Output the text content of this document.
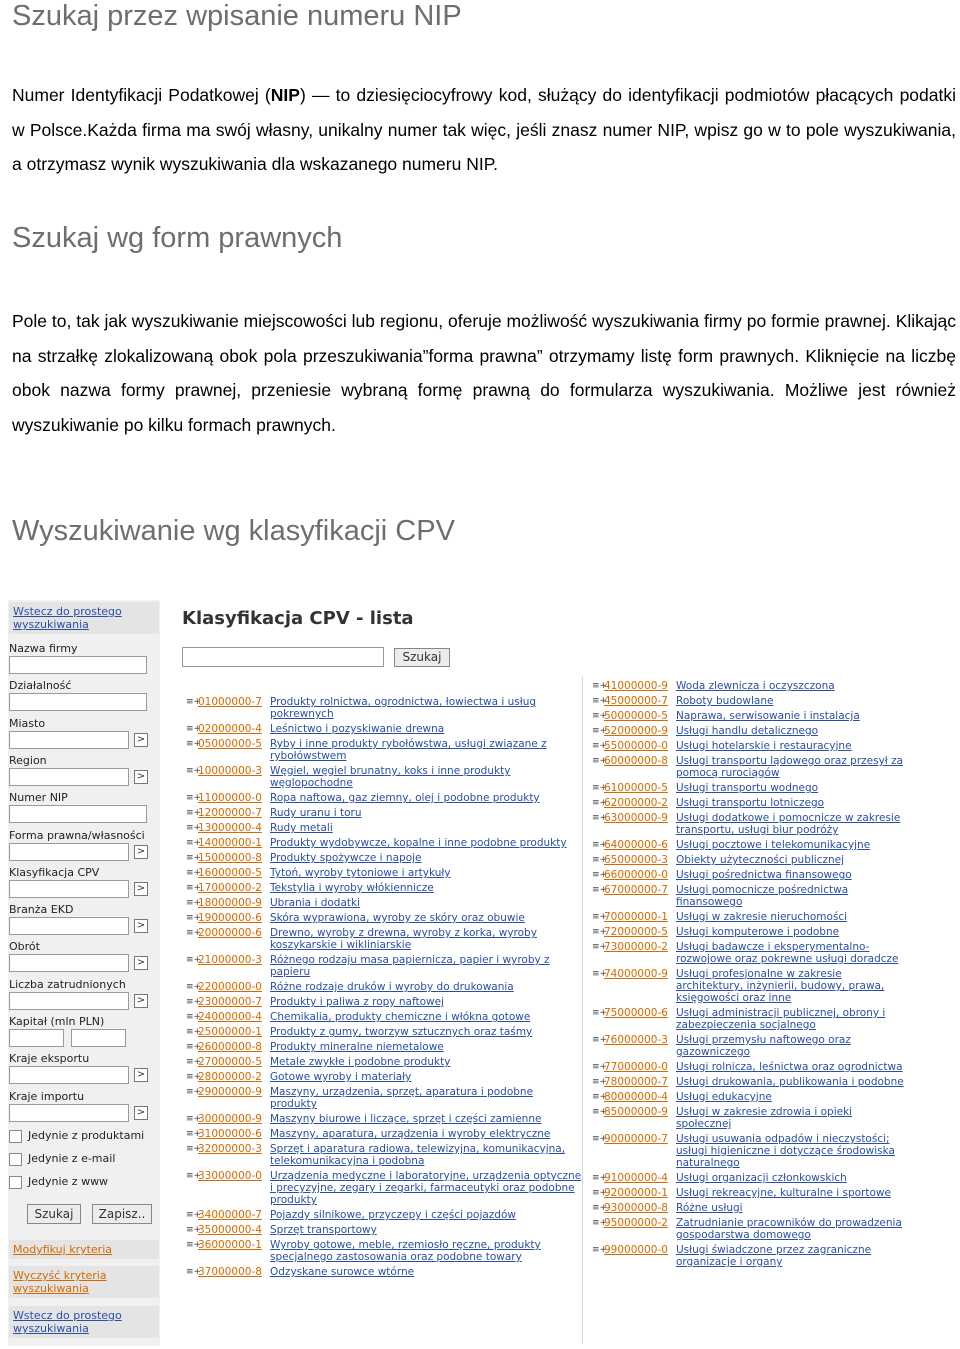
Szukaj przez wpisanie numeru NIP

Numer Identyfikacji Podatkowej (NIP) — to dziesięciocyfrowy kod, służący do identyfikacji podmiotów płacących podatki w Polsce.Każda firma ma swój własny, unikalny numer tak więc, jeśli znasz numer NIP, wpisz go w to pole wyszukiwania, a otrzymasz wynik wyszukiwania dla wskazanego numeru NIP.

Szukaj wg form prawnych

Pole to, tak jak wyszukiwanie miejscowości lub regionu, oferuje możliwość wyszukiwania firmy po formie prawnej. Klikając na strzałkę zlokalizowaną obok pola przeszukiwania”forma prawna” otrzymamy listę form prawnych. Kliknięcie na liczbę obok nazwa formy prawnej, przeniesie wybraną formę prawną do formularza wyszukiwania. Możliwe jest również wyszukiwanie po kilku formach prawnych.

Wyszukiwanie wg klasyfikacji CPV
Wstecz do prostego wyszukiwania
Nazwa firmy
Działalność
Miasto
>
Region
>
Numer NIP
Forma prawna/własności
>
Klasyfikacja CPV
>
Branża EKD
>
Obrót
>
Liczba zatrudnionych
>
Kapitał (mln PLN)
Kraje eksportu
>
Kraje importu
>
Jedynie z produktami
Jedynie z e-mail
Jedynie z www
Szukaj	Zapisz..
Modyfikuj kryteria
Wyczyść kryteria wyszukiwania
Wstecz do prostego wyszukiwania
Klasyfikacja CPV - lista
Szukaj
≡+
01000000-7 Produkty rolnictwa, ogrodnictwa, łowiectwa i usług pokrewnych
≡+
02000000-4 Leśnictwo i pozyskiwanie drewna
≡+
05000000-5 Ryby i inne produkty rybołówstwa, usługi związane z rybołówstwem
≡+
10000000-3 Węgiel, węgiel brunatny, koks i inne produkty węglopochodne
≡+
11000000-0 Ropa naftowa, gaz ziemny, olej i podobne produkty
≡+
12000000-7 Rudy uranu i toru
≡+
13000000-4 Rudy metali
≡+
14000000-1 Produkty wydobywcze, kopalne i inne podobne produkty
≡+
15000000-8 Produkty spożywcze i napoje
≡+
16000000-5 Tytoń, wyroby tytoniowe i artykuły
≡+
17000000-2 Tekstylia i wyroby włókiennicze
≡+
18000000-9 Ubrania i dodatki
≡+
19000000-6 Skóra wyprawiona, wyroby ze skóry oraz obuwie
≡+
20000000-6 Drewno, wyroby z drewna, wyroby z korka, wyroby koszykarskie i wikliniarskie
≡+
21000000-3 Różnego rodzaju masa papiernicza, papier i wyroby z papieru
≡+
22000000-0 Różne rodzaje druków i wyroby do drukowania
≡+
23000000-7 Produkty i paliwa z ropy naftowej
≡+
24000000-4 Chemikalia, produkty chemiczne i włókna gotowe
≡+
25000000-1 Produkty z gumy, tworzyw sztucznych oraz taśmy
≡+
26000000-8 Produkty mineralne niemetalowe
≡+
27000000-5 Metale zwykłe i podobne produkty
≡+
28000000-2 Gotowe wyroby i materiały
≡+
29000000-9 Maszyny, urządzenia, sprzęt, aparatura i podobne produkty
≡+
30000000-9 Maszyny biurowe i liczące, sprzęt i części zamienne
≡+
31000000-6 Maszyny, aparatura, urządzenia i wyroby elektryczne
≡+
32000000-3 Sprzęt i aparatura radiowa, telewizyjna, komunikacyjna, telekomunikacyjna i podobna
≡+
33000000-0 Urządzenia medyczne i laboratoryjne, urządzenia optyczne i precyzyjne, zegary i zegarki, farmaceutyki oraz podobne produkty
≡+
34000000-7 Pojazdy silnikowe, przyczepy i części pojazdów
≡+
35000000-4 Sprzęt transportowy
≡+
36000000-1 Wyroby gotowe, meble, rzemiosło ręczne, produkty specjalnego zastosowania oraz podobne towary
≡+
37000000-8 Odzyskane surowce wtórne
≡+
41000000-9 Woda zlewnicza i oczyszczona
≡+
45000000-7 Roboty budowlane
≡+
50000000-5 Naprawa, serwisowanie i instalacja
≡+
52000000-9 Usługi handlu detalicznego
≡+
55000000-0 Usługi hotelarskie i restauracyjne
≡+
60000000-8 Usługi transportu lądowego oraz przesył za pomocą rurociągów
≡+
61000000-5 Usługi transportu wodnego
≡+
62000000-2 Usługi transportu lotniczego
≡+
63000000-9 Usługi dodatkowe i pomocnicze w zakresie transportu, usługi biur podróży
≡+
64000000-6 Usługi pocztowe i telekomunikacyjne
≡+
65000000-3 Obiekty użyteczności publicznej
≡+
66000000-0 Usługi pośrednictwa finansowego
≡+
67000000-7 Usługi pomocnicze pośrednictwa finansowego
≡+
70000000-1 Usługi w zakresie nieruchomości
≡+
72000000-5 Usługi komputerowe i podobne
≡+
73000000-2 Usługi badawcze i eksperymentalno-rozwojowe oraz pokrewne usługi doradcze
≡+
74000000-9 Usługi profesjonalne w zakresie architektury, inżynierii, budowy, prawa, księgowości oraz inne
≡+
75000000-6 Usługi administracji publicznej, obrony i zabezpieczenia socjalnego
≡+
76000000-3 Usługi przemysłu naftowego oraz gazowniczego
≡+
77000000-0 Usługi rolnicza, leśnictwa oraz ogrodnictwa
≡+
78000000-7 Usługi drukowania, publikowania i podobne
≡+
80000000-4 Usługi edukacyjne
≡+
85000000-9 Usługi w zakresie zdrowia i opieki społecznej
≡+
90000000-7 Usługi usuwania odpadów i nieczystości; usługi higieniczne i dotyczące środowiska naturalnego
≡+
91000000-4 Usługi organizacji członkowskich
≡+
92000000-1 Usługi rekreacyjne, kulturalne i sportowe
≡+
93000000-8 Różne usługi
≡+
95000000-2 Zatrudnianie pracowników do prowadzenia gospodarstwa domowego
≡+
99000000-0 Usługi świadczone przez zagraniczne organizacje i organy
